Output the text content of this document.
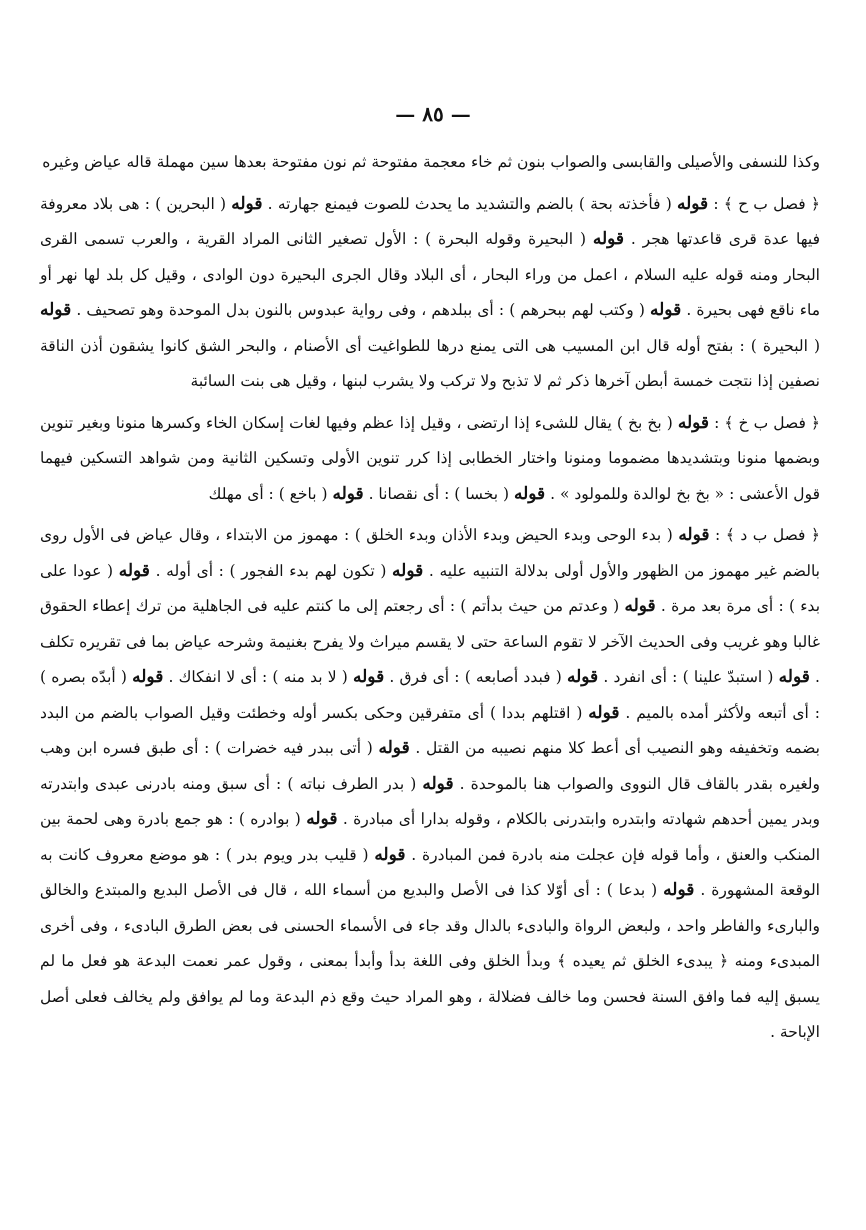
— ٨٥ —

وكذا للنسفى والأصيلى والقابسى والصواب بنون ثم خاء معجمة مفتوحة ثم نون مفتوحة بعدها سين مهملة قاله عياض وغيره

﴿ فصل ب ح ﴾ : قوله ( فأخذته بحة ) بالضم والتشديد ما يحدث للصوت فيمنع جهارته . قوله ( البحرين ) : هى بلاد معروفة فيها عدة قرى قاعدتها هجر . قوله ( البحيرة وقوله البحرة ) : الأول تصغير الثانى المراد القرية ، والعرب تسمى القرى البحار ومنه قوله عليه السلام ، اعمل من وراء البحار ، أى البلاد وقال الجرى البحيرة دون الوادى ، وقيل كل بلد لها نهر أو ماء ناقع فهى بحيرة . قوله ( وكتب لهم ببحرهم ) : أى ببلدهم ، وفى رواية عبدوس بالنون بدل الموحدة وهو تصحيف . قوله ( البحيرة ) : بفتح أوله قال ابن المسيب هى التى يمنع درها للطواغيت أى الأصنام ، والبحر الشق كانوا يشقون أذن الناقة نصفين إذا نتجت خمسة أبطن آخرها ذكر ثم لا تذبح ولا تركب ولا يشرب لبنها ، وقيل هى بنت السائبة

﴿ فصل ب خ ﴾ : قوله ( بخ بخ ) يقال للشىء إذا ارتضى ، وقيل إذا عظم وفيها لغات إسكان الخاء وكسرها منونا وبغير تنوين وبضمها منونا وبتشديدها مضموما ومنونا واختار الخطابى إذا كرر تنوين الأولى وتسكين الثانية ومن شواهد التسكين فيهما قول الأعشى : « بخ بخ لوالدة وللمولود » . قوله ( بخسا ) : أى نقصانا . قوله ( باخع ) : أى مهلك

﴿ فصل ب د ﴾ : قوله ( بدء الوحى وبدء الحيض وبدء الأذان وبدء الخلق ) : مهموز من الابتداء ، وقال عياض فى الأول روى بالضم غير مهموز من الظهور والأول أولى بدلالة التنبيه عليه . قوله ( تكون لهم بدء الفجور ) : أى أوله . قوله ( عودا على بدء ) : أى مرة بعد مرة . قوله ( وعدتم من حيث بدأتم ) : أى رجعتم إلى ما كنتم عليه فى الجاهلية من ترك إعطاء الحقوق غالبا وهو غريب وفى الحديث الآخر لا تقوم الساعة حتى لا يقسم ميراث ولا يفرح بغنيمة وشرحه عياض بما فى تقريره تكلف . قوله ( استبدّ علينا ) : أى انفرد . قوله ( فبدد أصابعه ) : أى فرق . قوله ( لا بد منه ) : أى لا انفكاك . قوله ( أبدّه بصره ) : أى أتبعه ولأكثر أمده بالميم . قوله ( اقتلهم بددا ) أى متفرقين وحكى بكسر أوله وخطئت وقيل الصواب بالضم من البدد بضمه وتخفيفه وهو النصيب أى أعط كلا منهم نصيبه من القتل . قوله ( أتى ببدر فيه خضرات ) : أى طبق فسره ابن وهب ولغيره بقدر بالقاف قال النووى والصواب هنا بالموحدة . قوله ( بدر الطرف نباته ) : أى سبق ومنه بادرنى عبدى وابتدرته وبدر يمين أحدهم شهادته وابتدره وابتدرنى بالكلام ، وقوله بدارا أى مبادرة . قوله ( بوادره ) : هو جمع بادرة وهى لحمة بين المنكب والعنق ، وأما قوله فإن عجلت منه بادرة فمن المبادرة . قوله ( قليب بدر ويوم بدر ) : هو موضع معروف كانت به الوقعة المشهورة . قوله ( بدعا ) : أى أوّلا كذا فى الأصل والبديع من أسماء الله ، قال فى الأصل البديع والمبتدع والخالق والبارىء والفاطر واحد ، ولبعض الرواة والبادىء بالدال وقد جاء فى الأسماء الحسنى فى بعض الطرق البادىء ، وفى أخرى المبدىء ومنه ﴿ يبدىء الخلق ثم يعيده ﴾ وبدأ الخلق وفى اللغة بدأ وأبدأ بمعنى ، وقول عمر نعمت البدعة هو فعل ما لم يسبق إليه فما وافق السنة فحسن وما خالف فضلالة ، وهو المراد حيث وقع ذم البدعة وما لم يوافق ولم يخالف فعلى أصل الإباحة .
